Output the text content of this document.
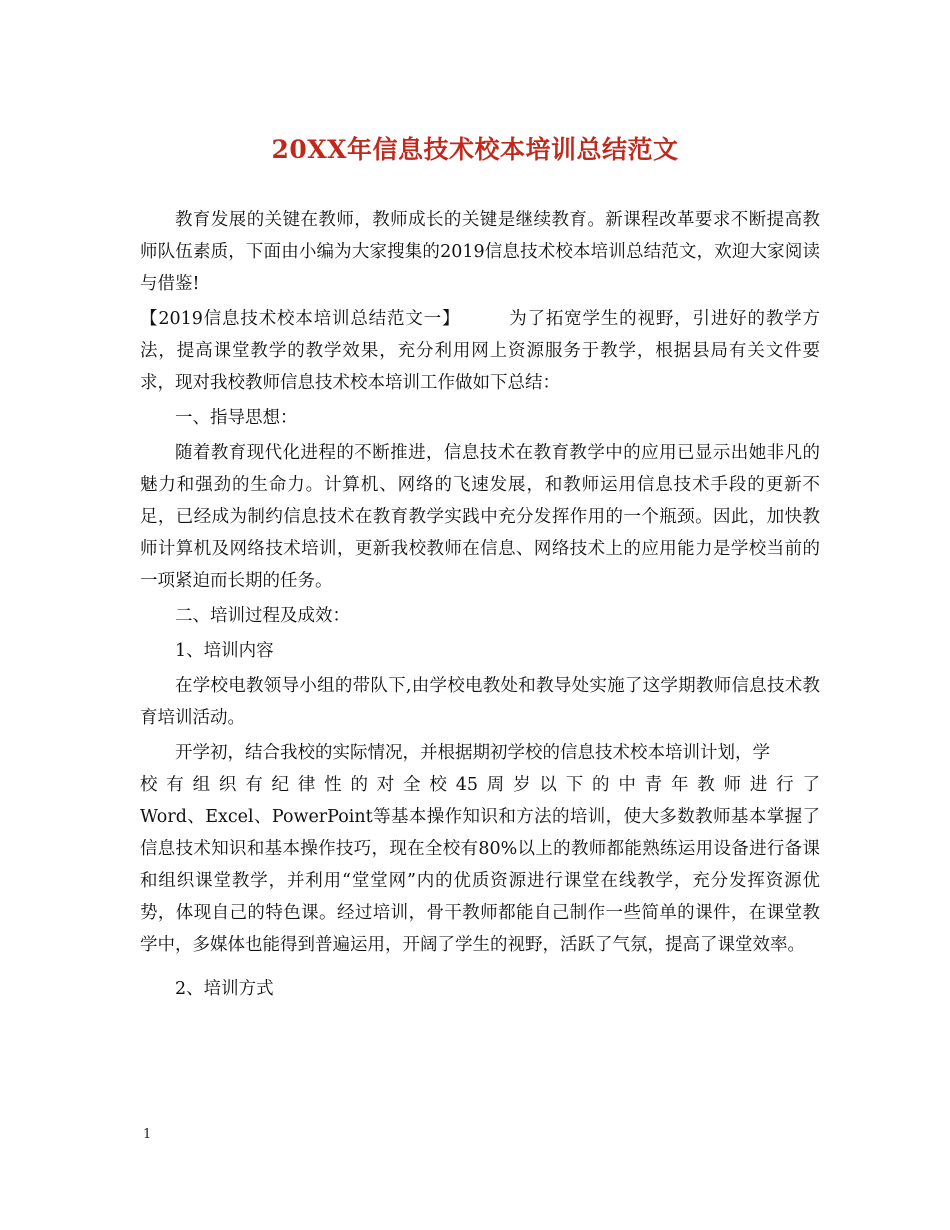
20XX年信息技术校本培训总结范文

教育发展的关键在教师，教师成长的关键是继续教育。新课程改革要求不断提高教师队伍素质，下面由小编为大家搜集的2019信息技术校本培训总结范文，欢迎大家阅读与借鉴!

【2019信息技术校本培训总结范文一】	为了拓宽学生的视野，引进好的教学方法，提高课堂教学的教学效果，充分利用网上资源服务于教学，根据县局有关文件要求，现对我校教师信息技术校本培训工作做如下总结：

一、指导思想：

随着教育现代化进程的不断推进，信息技术在教育教学中的应用已显示出她非凡的魅力和强劲的生命力。计算机、网络的飞速发展，和教师运用信息技术手段的更新不足，已经成为制约信息技术在教育教学实践中充分发挥作用的一个瓶颈。因此，加快教师计算机及网络技术培训，更新我校教师在信息、网络技术上的应用能力是学校当前的一项紧迫而长期的任务。

二、培训过程及成效：

1、培训内容

在学校电教领导小组的带队下,由学校电教处和教导处实施了这学期教师信息技术教育培训活动。

开学初，结合我校的实际情况，并根据期初学校的信息技术校本培训计划，学

校有组织有纪律性的对全校45周岁以下的中青年教师进行了

Word、Excel、PowerPoint等基本操作知识和方法的培训，使大多数教师基本掌握了信息技术知识和基本操作技巧，现在全校有80%以上的教师都能熟练运用设备进行备课和组织课堂教学，并利用“堂堂网”内的优质资源进行课堂在线教学，充分发挥资源优势，体现自己的特色课。经过培训，骨干教师都能自己制作一些简单的课件，在课堂教学中，多媒体也能得到普遍运用，开阔了学生的视野，活跃了气氛，提高了课堂效率。

2、培训方式

1
